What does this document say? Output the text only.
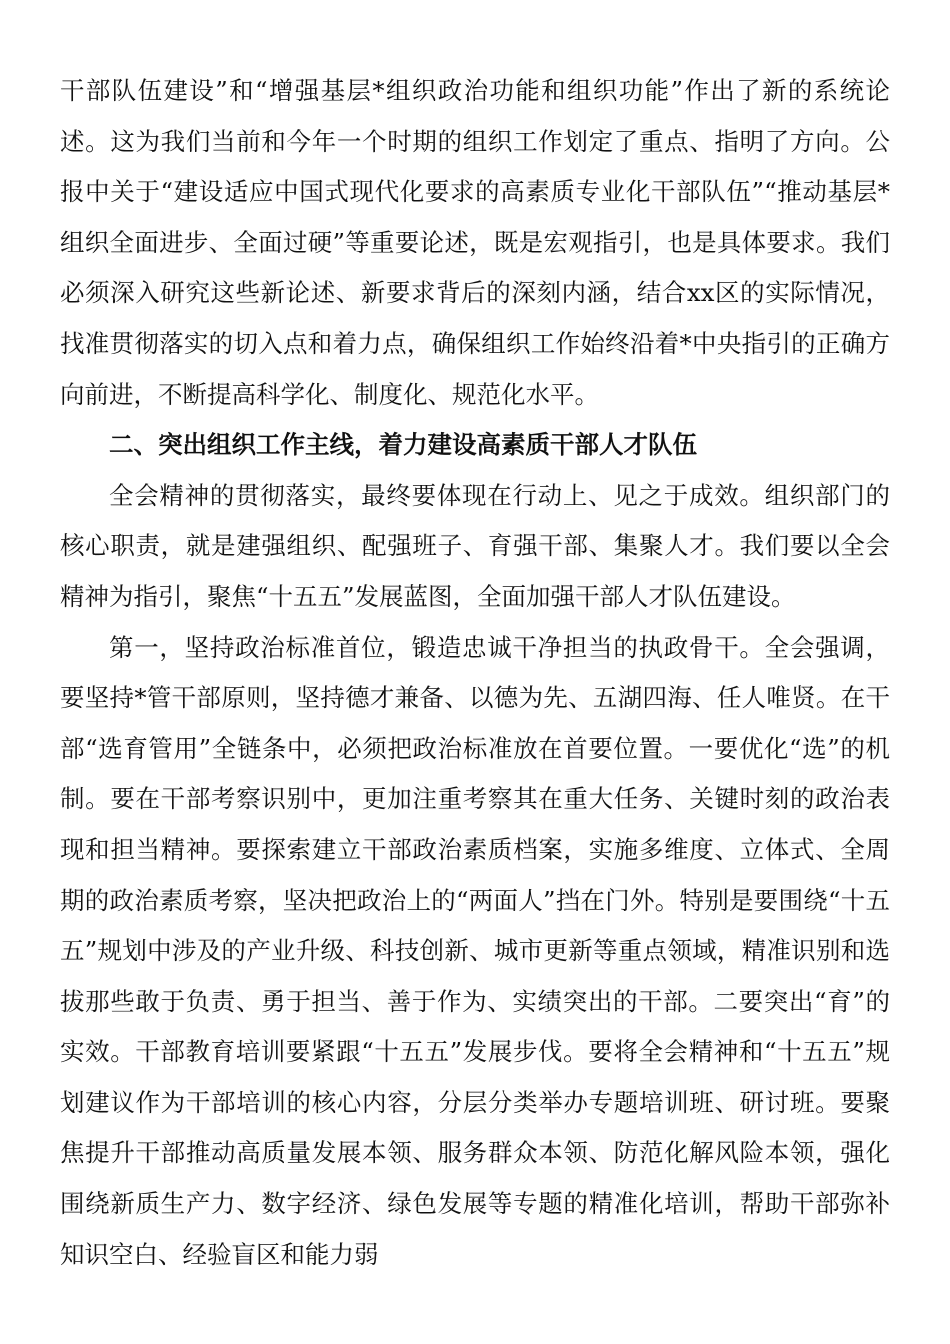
干部队伍建设”和“增强基层*组织政治功能和组织功能”作出了新的系统论述。这为我们当前和今年一个时期的组织工作划定了重点、指明了方向。公报中关于“建设适应中国式现代化要求的高素质专业化干部队伍”“推动基层*组织全面进步、全面过硬”等重要论述，既是宏观指引，也是具体要求。我们必须深入研究这些新论述、新要求背后的深刻内涵，结合xx区的实际情况，找准贯彻落实的切入点和着力点，确保组织工作始终沿着*中央指引的正确方向前进，不断提高科学化、制度化、规范化水平。

二、突出组织工作主线，着力建设高素质干部人才队伍

全会精神的贯彻落实，最终要体现在行动上、见之于成效。组织部门的核心职责，就是建强组织、配强班子、育强干部、集聚人才。我们要以全会精神为指引，聚焦“十五五”发展蓝图，全面加强干部人才队伍建设。

第一，坚持政治标准首位，锻造忠诚干净担当的执政骨干。全会强调，要坚持*管干部原则，坚持德才兼备、以德为先、五湖四海、任人唯贤。在干部“选育管用”全链条中，必须把政治标准放在首要位置。一要优化“选”的机制。要在干部考察识别中，更加注重考察其在重大任务、关键时刻的政治表现和担当精神。要探索建立干部政治素质档案，实施多维度、立体式、全周期的政治素质考察，坚决把政治上的“两面人”挡在门外。特别是要围绕“十五五”规划中涉及的产业升级、科技创新、城市更新等重点领域，精准识别和选拔那些敢于负责、勇于担当、善于作为、实绩突出的干部。二要突出“育”的实效。干部教育培训要紧跟“十五五”发展步伐。要将全会精神和“十五五”规划建议作为干部培训的核心内容，分层分类举办专题培训班、研讨班。要聚焦提升干部推动高质量发展本领、服务群众本领、防范化解风险本领，强化围绕新质生产力、数字经济、绿色发展等专题的精准化培训，帮助干部弥补知识空白、经验盲区和能力弱
